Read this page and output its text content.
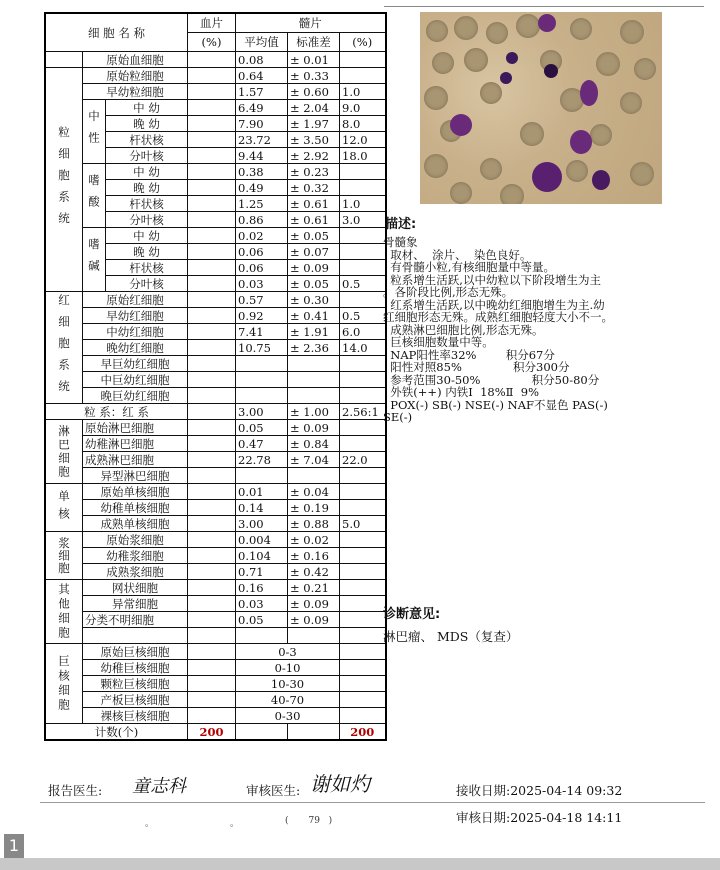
细 胞 名 称			血片	髓片		
			(%)	平均值	标准差	(%)
	原始血细胞			0.08	± 0.01	

粒细胞系统	原始粒细胞			0.64	± 0.33	
	早幼粒细胞			1.57	± 0.60	1.0

	中性	中 幼		6.49	± 2.04	9.0
		晚 幼		7.90	± 1.97	8.0
		杆状核		23.72	± 3.50	12.0
		分叶核		9.44	± 2.92	18.0

	嗜酸	中 幼		0.38	± 0.23	
		晚 幼		0.49	± 0.32	
		杆状核		1.25	± 0.61	1.0
		分叶核		0.86	± 0.61	3.0

	嗜碱	中 幼		0.02	± 0.05	
		晚 幼		0.06	± 0.07	
		杆状核		0.06	± 0.09	
		分叶核		0.03	± 0.05	0.5

红细胞系统	原始红细胞			0.57	± 0.30	
	早幼红细胞			0.92	± 0.41	0.5
	中幼红细胞			7.41	± 1.91	6.0
	晚幼红细胞			10.75	± 2.36	14.0
	早巨幼红细胞					
	中巨幼红细胞					
	晚巨幼红细胞					
粒 系：红 系				3.00	± 1.00	2.56:1

淋巴细胞	原始淋巴细胞			0.05	± 0.09	
	幼稚淋巴细胞			0.47	± 0.84	
	成熟淋巴细胞			22.78	± 7.04	22.0
	异型淋巴细胞					

单核	原始单核细胞			0.01	± 0.04	
	幼稚单核细胞			0.14	± 0.19	
	成熟单核细胞			3.00	± 0.88	5.0

浆细胞	原始浆细胞			0.004	± 0.02	
	幼稚浆细胞			0.104	± 0.16	
	成熟浆细胞			0.71	± 0.42	

其他细胞	网状细胞			0.16	± 0.21	
	异常细胞			0.03	± 0.09	
	分类不明细胞			0.05	± 0.09	

巨核细胞	原始巨核细胞			0-3		
	幼稚巨核细胞			0-10		
	颗粒巨核细胞			10-30		
	产板巨核细胞			40-70		
	裸核巨核细胞			0-30		
计数(个)			200			200
描述:
骨髓象
取材、  涂片、  染色良好。
有骨髓小粒,有核细胞量中等量。
粒系增生活跃,以中幼粒以下阶段增生为主
。各阶段比例,形态无殊。
红系增生活跃,以中晚幼红细胞增生为主.幼
红细胞形态无殊。成熟红细胞轻度大小不一。
成熟淋巴细胞比例,形态无殊。
巨核细胞数量中等。
NAP阳性率32%        积分67分
阳性对照85%              积分300分
参考范围30-50%              积分50-80分
外铁(++) 内铁Ⅰ  18%Ⅱ  9%
POX(-) SB(-) NSE(-) NAF不显色 PAS(-)
SE(-)
诊断意见:
淋巴瘤、 MDS（复查）
报告医生: 童志科	审核医生: 谢如灼	接收日期:2025-04-14 09:32
审核日期:2025-04-18 14:11
。	。	(       79   )
1
